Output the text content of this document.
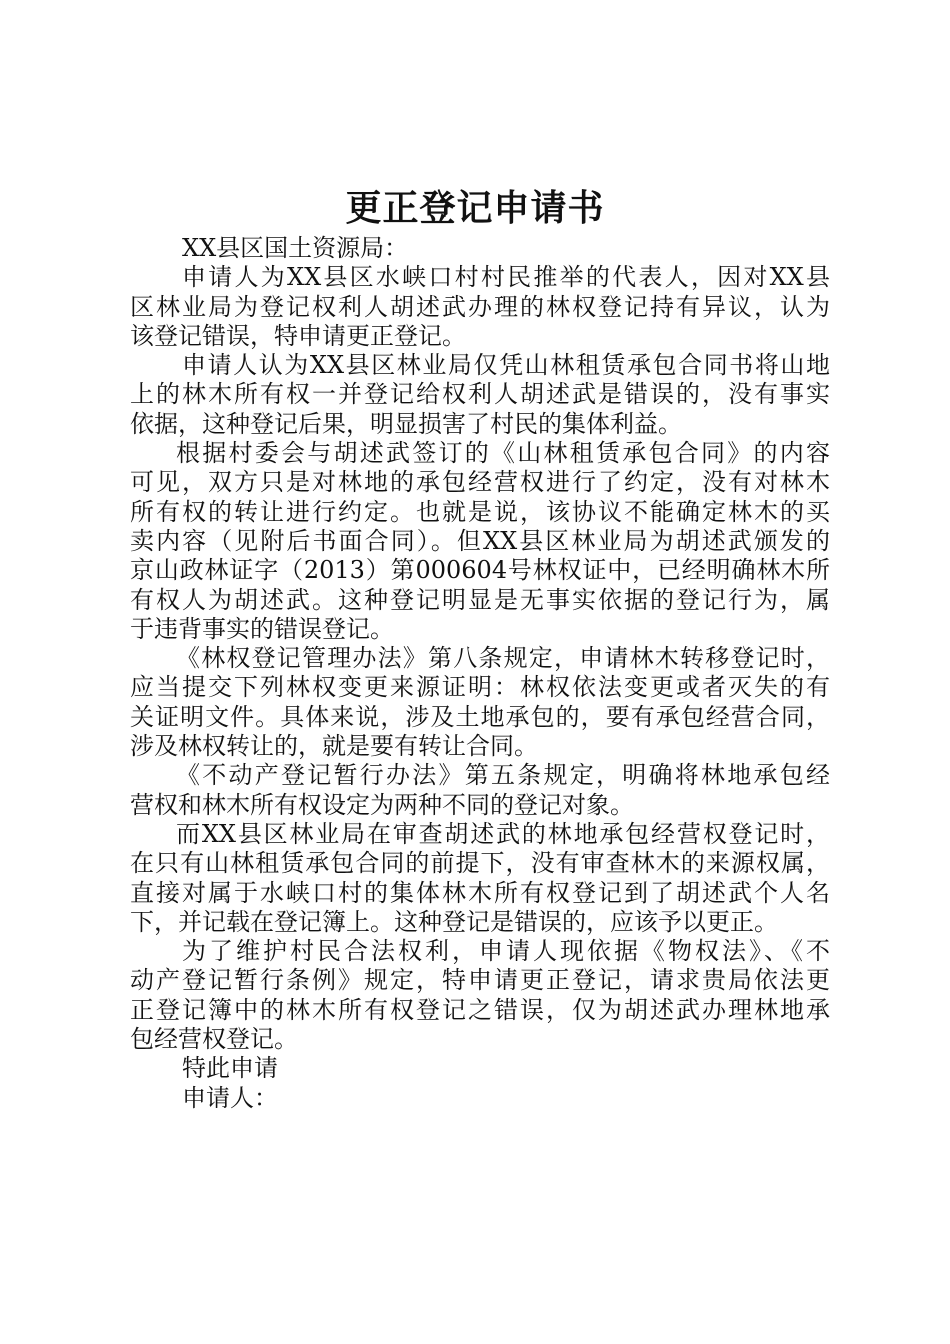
更正登记申请书
XX县区国土资源局：
申请人为XX县区水峡口村村民推举的代表人，因对XX县
区林业局为登记权利人胡述武办理的林权登记持有异议，认为
该登记错误，特申请更正登记。
申请人认为XX县区林业局仅凭山林租赁承包合同书将山地
上的林木所有权一并登记给权利人胡述武是错误的，没有事实
依据，这种登记后果，明显损害了村民的集体利益。
根据村委会与胡述武签订的《山林租赁承包合同》的内容
可见，双方只是对林地的承包经营权进行了约定，没有对林木
所有权的转让进行约定。也就是说，该协议不能确定林木的买
卖内容（见附后书面合同）。但XX县区林业局为胡述武颁发的
京山政林证字（2013）第000604号林权证中，已经明确林木所
有权人为胡述武。这种登记明显是无事实依据的登记行为，属
于违背事实的错误登记。
《林权登记管理办法》第八条规定，申请林木转移登记时，
应当提交下列林权变更来源证明：林权依法变更或者灭失的有
关证明文件。具体来说，涉及土地承包的，要有承包经营合同，
涉及林权转让的，就是要有转让合同。
《不动产登记暂行办法》第五条规定，明确将林地承包经
营权和林木所有权设定为两种不同的登记对象。
而XX县区林业局在审查胡述武的林地承包经营权登记时，
在只有山林租赁承包合同的前提下，没有审查林木的来源权属，
直接对属于水峡口村的集体林木所有权登记到了胡述武个人名
下，并记载在登记簿上。这种登记是错误的，应该予以更正。
为了维护村民合法权利，申请人现依据《物权法》、《不
动产登记暂行条例》规定，特申请更正登记，请求贵局依法更
正登记簿中的林木所有权登记之错误，仅为胡述武办理林地承
包经营权登记。
特此申请
申请人：
